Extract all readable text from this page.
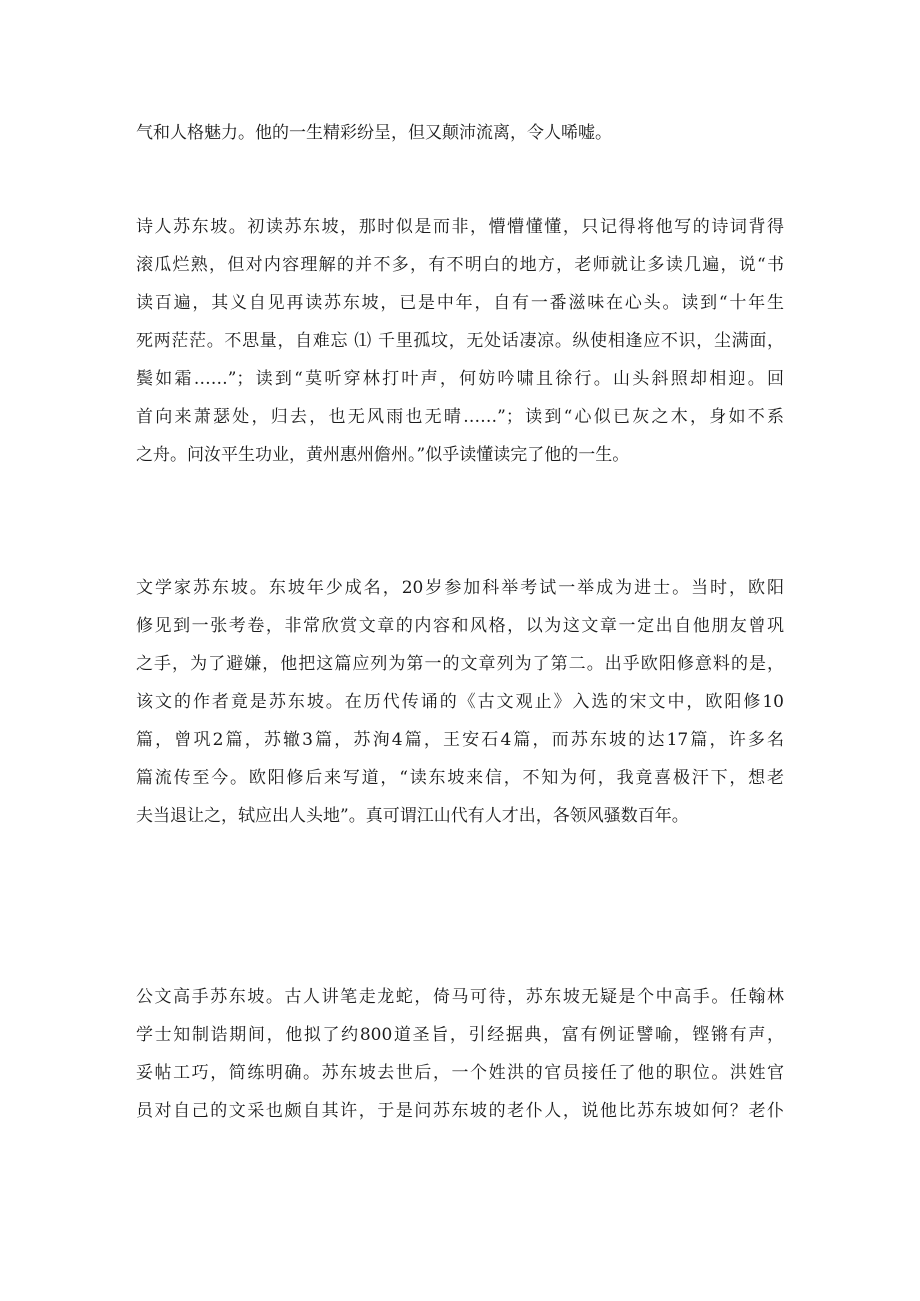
气和人格魅力。他的一生精彩纷呈，但又颠沛流离，令人唏嘘。

诗人苏东坡。初读苏东坡，那时似是而非，懵懵懂懂，只记得将他写的诗词背得
滚瓜烂熟，但对内容理解的并不多，有不明白的地方，老师就让多读几遍，说“书
读百遍，其义自见再读苏东坡，已是中年，自有一番滋味在心头。读到“十年生
死两茫茫。不思量，自难忘 ⑴ 千里孤坟，无处话凄凉。纵使相逢应不识，尘满面，
鬓如霜……”；读到“莫听穿林打叶声，何妨吟啸且徐行。山头斜照却相迎。回
首向来萧瑟处，归去，也无风雨也无晴……”；读到“心似已灰之木，身如不系
之舟。问汝平生功业，黄州惠州儋州。”似乎读懂读完了他的一生。

文学家苏东坡。东坡年少成名，20岁参加科举考试一举成为进士。当时，欧阳
修见到一张考卷，非常欣赏文章的内容和风格，以为这文章一定出自他朋友曾巩
之手，为了避嫌，他把这篇应列为第一的文章列为了第二。出乎欧阳修意料的是，
该文的作者竟是苏东坡。在历代传诵的《古文观止》入选的宋文中，欧阳修10
篇，曾巩2篇，苏辙3篇，苏洵4篇，王安石4篇，而苏东坡的达17篇，许多名
篇流传至今。欧阳修后来写道，“读东坡来信，不知为何，我竟喜极汗下，想老
夫当退让之，轼应出人头地”。真可谓江山代有人才出，各领风骚数百年。

公文高手苏东坡。古人讲笔走龙蛇，倚马可待，苏东坡无疑是个中高手。任翰林
学士知制诰期间，他拟了约800道圣旨，引经据典，富有例证譬喻，铿锵有声，
妥帖工巧，简练明确。苏东坡去世后，一个姓洪的官员接任了他的职位。洪姓官
员对自己的文采也颇自其许，于是问苏东坡的老仆人，说他比苏东坡如何？老仆
